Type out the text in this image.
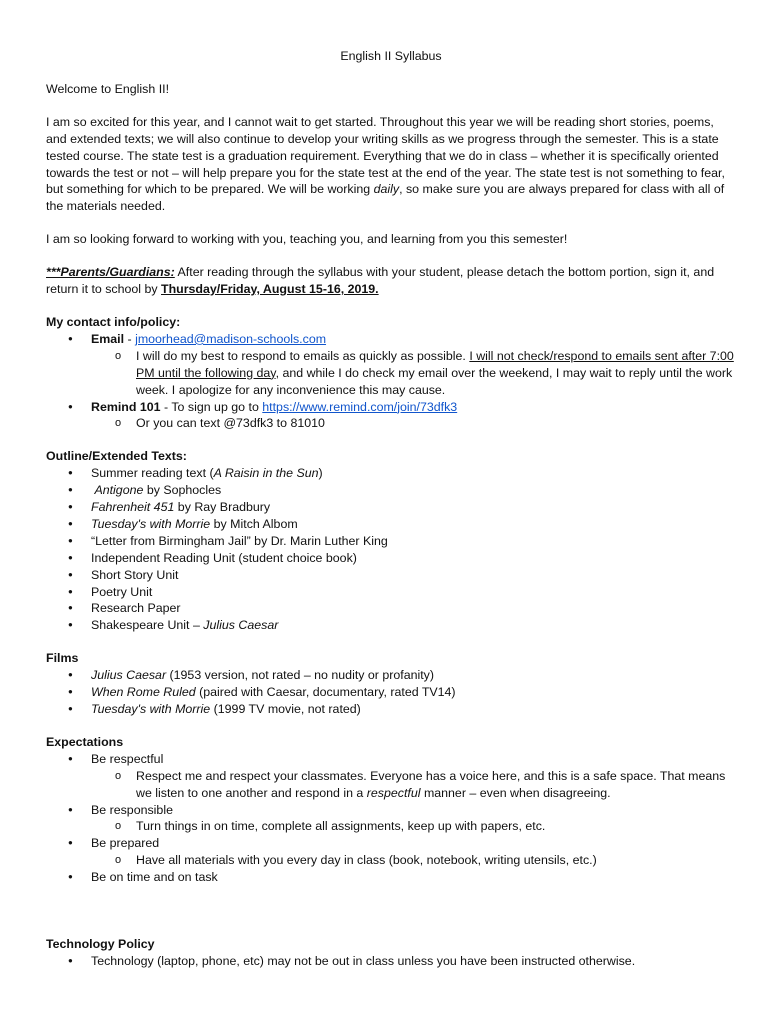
English II Syllabus

Welcome to English II!

I am so excited for this year, and I cannot wait to get started. Throughout this year we will be reading short stories, poems, and extended texts; we will also continue to develop your writing skills as we progress through the semester. This is a state tested course. The state test is a graduation requirement. Everything that we do in class – whether it is specifically oriented towards the test or not – will help prepare you for the state test at the end of the year. The state test is not something to fear, but something for which to be prepared. We will be working daily, so make sure you are always prepared for class with all of the materials needed.

I am so looking forward to working with you, teaching you, and learning from you this semester!

***Parents/Guardians: After reading through the syllabus with your student, please detach the bottom portion, sign it, and return it to school by Thursday/Friday, August 15-16, 2019.

My contact info/policy:
● Email - jmoorhead@madison-schools.com
o I will do my best to respond to emails as quickly as possible. I will not check/respond to emails sent after 7:00 PM until the following day, and while I do check my email over the weekend, I may wait to reply until the work week. I apologize for any inconvenience this may cause.
● Remind 101 - To sign up go to https://www.remind.com/join/73dfk3
o Or you can text @73dfk3 to 81010
Outline/Extended Texts:
● Summer reading text (A Raisin in the Sun)
● Antigone by Sophocles
● Fahrenheit 451 by Ray Bradbury
● Tuesday's with Morrie by Mitch Albom
● “Letter from Birmingham Jail” by Dr. Marin Luther King
● Independent Reading Unit (student choice book)
● Short Story Unit
● Poetry Unit
● Research Paper
● Shakespeare Unit – Julius Caesar
Films
● Julius Caesar (1953 version, not rated – no nudity or profanity)
● When Rome Ruled (paired with Caesar, documentary, rated TV14)
● Tuesday's with Morrie (1999 TV movie, not rated)
Expectations
● Be respectful
o Respect me and respect your classmates. Everyone has a voice here, and this is a safe space. That means we listen to one another and respond in a respectful manner – even when disagreeing.
● Be responsible
o Turn things in on time, complete all assignments, keep up with papers, etc.
● Be prepared
o Have all materials with you every day in class (book, notebook, writing utensils, etc.)
● Be on time and on task
Technology Policy
● Technology (laptop, phone, etc) may not be out in class unless you have been instructed otherwise.
